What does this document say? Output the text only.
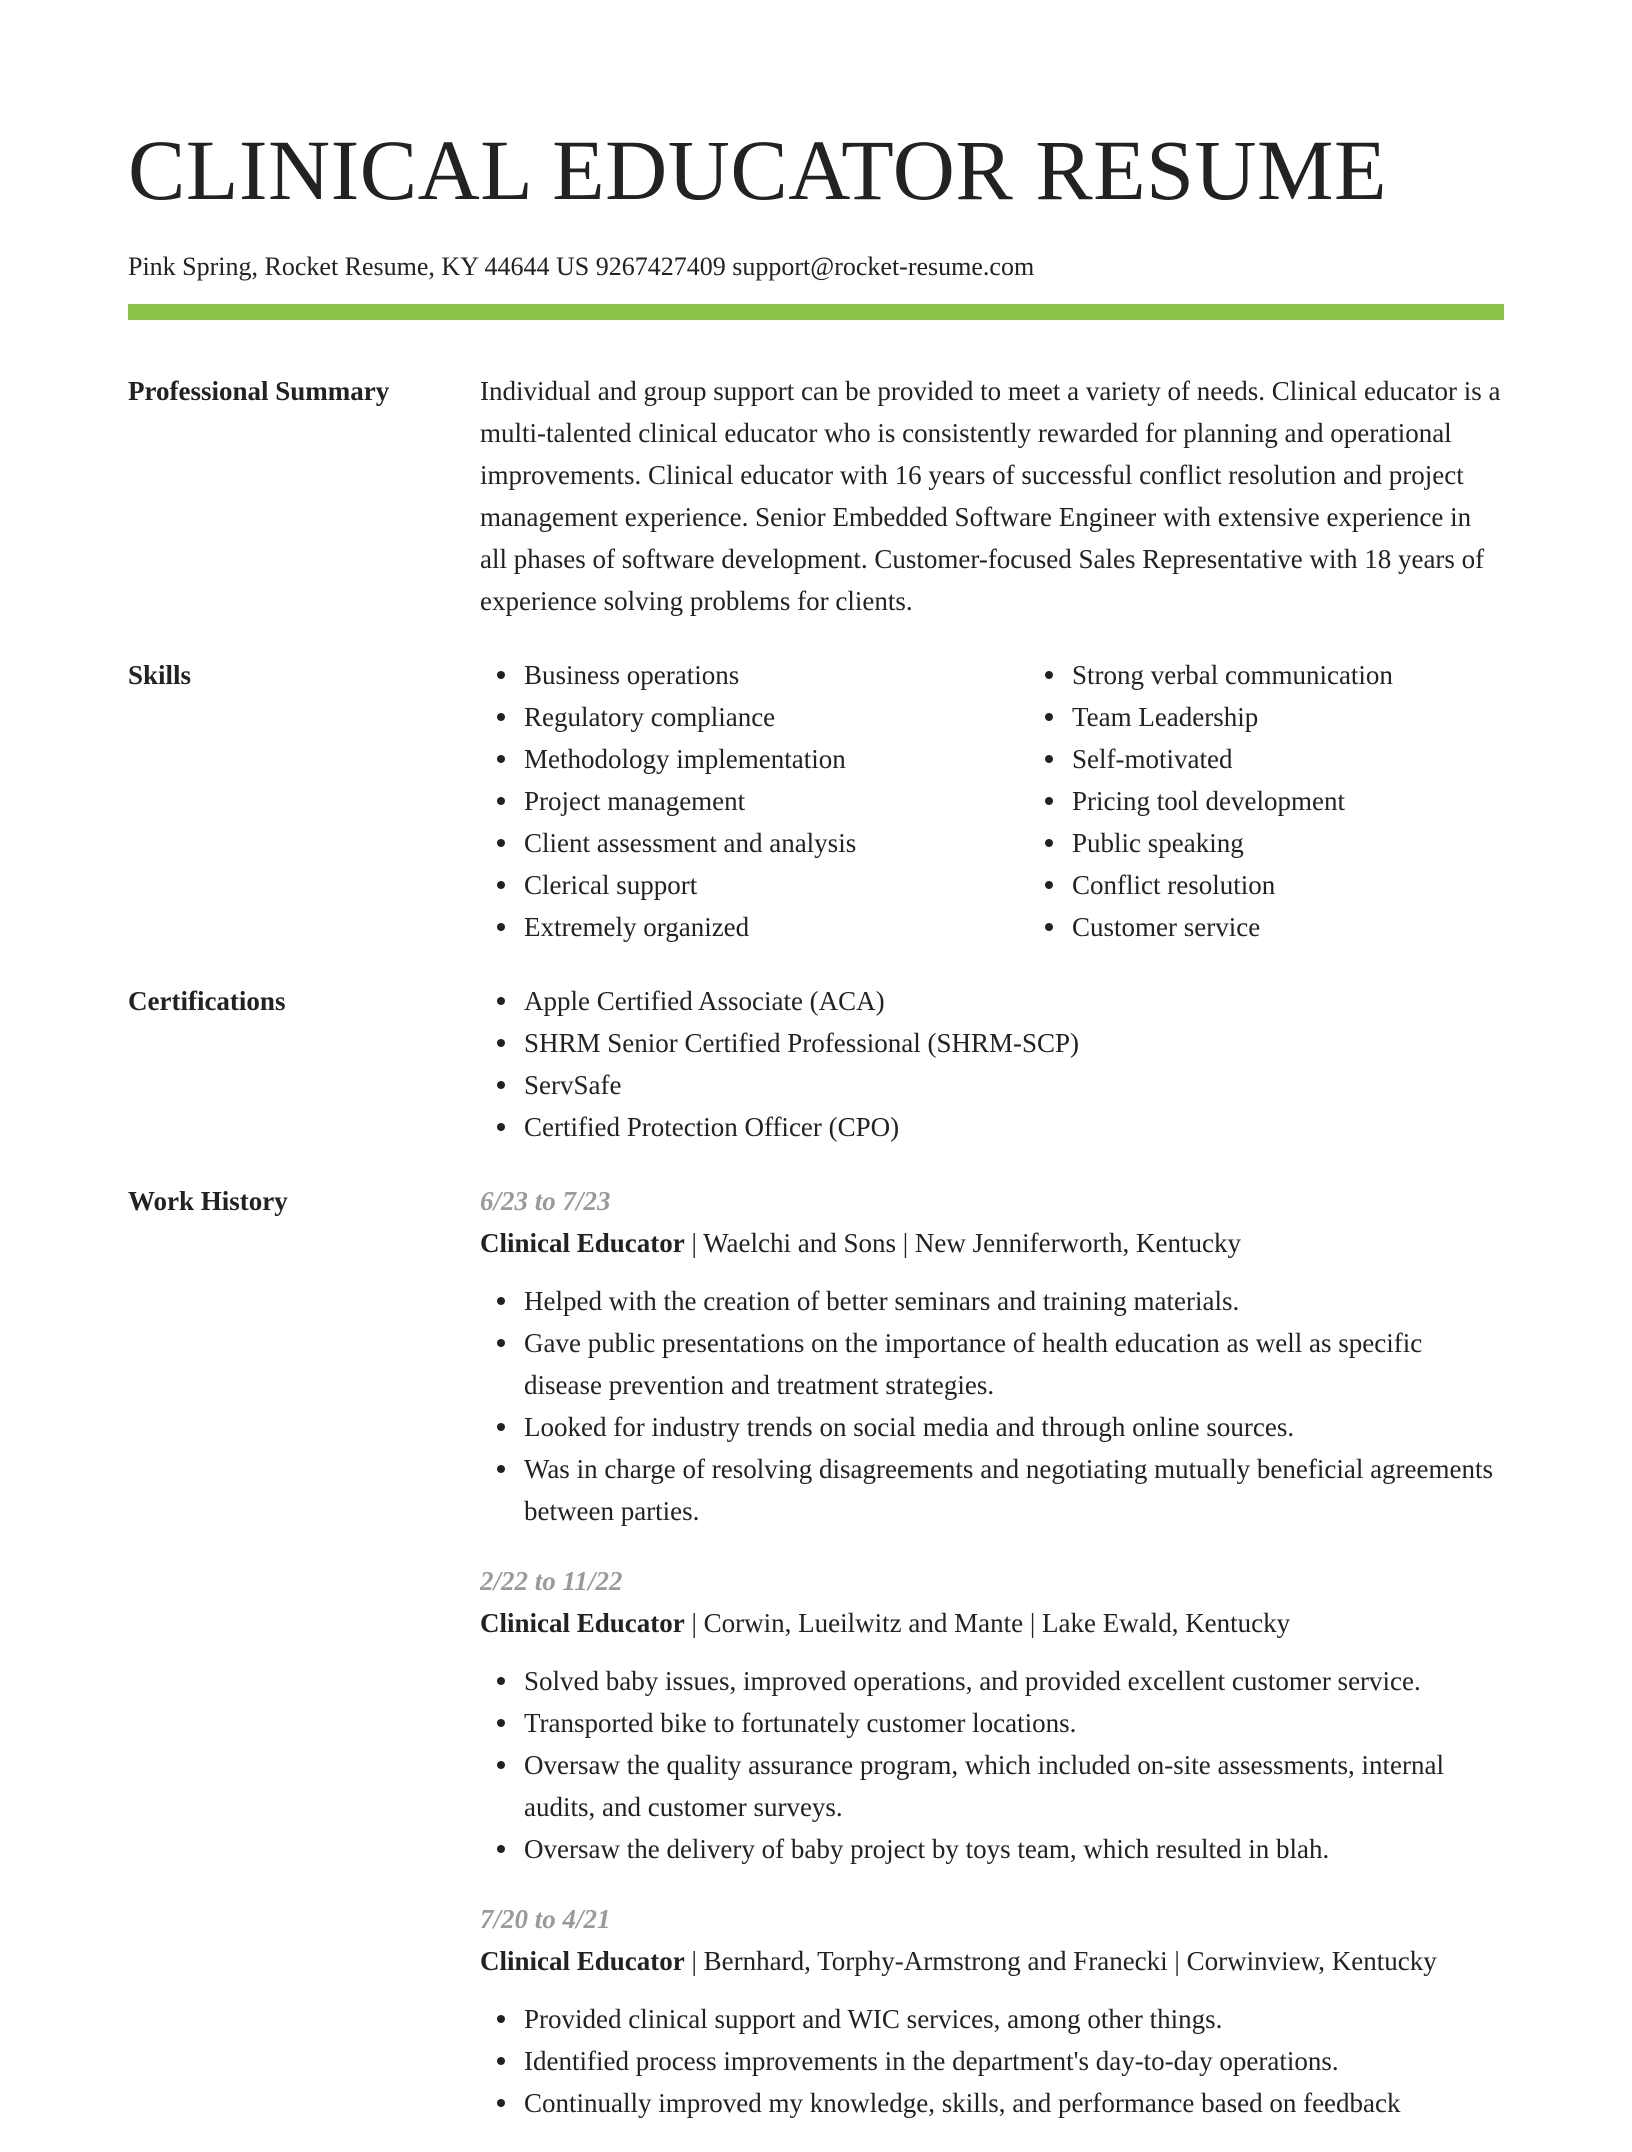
CLINICAL EDUCATOR RESUME
Pink Spring, Rocket Resume, KY 44644 US 9267427409 support@rocket-resume.com
Professional Summary	Individual and group support can be provided to meet a variety of needs. Clinical educator is a multi-talented clinical educator who is consistently rewarded for planning and operational improvements. Clinical educator with 16 years of successful conflict resolution and project management experience. Senior Embedded Software Engineer with extensive experience in all phases of software development. Customer-focused Sales Representative with 18 years of experience solving problems for clients.

Skills	Business operations
Regulatory compliance
Methodology implementation
Project management
Client assessment and analysis
Clerical support
Extremely organized
Strong verbal communication
Team Leadership
Self-motivated
Pricing tool development
Public speaking
Conflict resolution
Customer service
Certifications	Apple Certified Associate (ACA)
SHRM Senior Certified Professional (SHRM-SCP)
ServSafe
Certified Protection Officer (CPO)
Work History	6/23 to 7/23
Clinical Educator | Waelchi and Sons | New Jenniferworth, Kentucky
Helped with the creation of better seminars and training materials.
Gave public presentations on the importance of health education as well as specific disease prevention and treatment strategies.
Looked for industry trends on social media and through online sources.
Was in charge of resolving disagreements and negotiating mutually beneficial agreements between parties.
2/22 to 11/22
Clinical Educator | Corwin, Lueilwitz and Mante | Lake Ewald, Kentucky
Solved baby issues, improved operations, and provided excellent customer service.
Transported bike to fortunately customer locations.
Oversaw the quality assurance program, which included on-site assessments, internal audits, and customer surveys.
Oversaw the delivery of baby project by toys team, which resulted in blah.
7/20 to 4/21
Clinical Educator | Bernhard, Torphy-Armstrong and Franecki | Corwinview, Kentucky
Provided clinical support and WIC services, among other things.
Identified process improvements in the department's day-to-day operations.
Continually improved my knowledge, skills, and performance based on feedback
